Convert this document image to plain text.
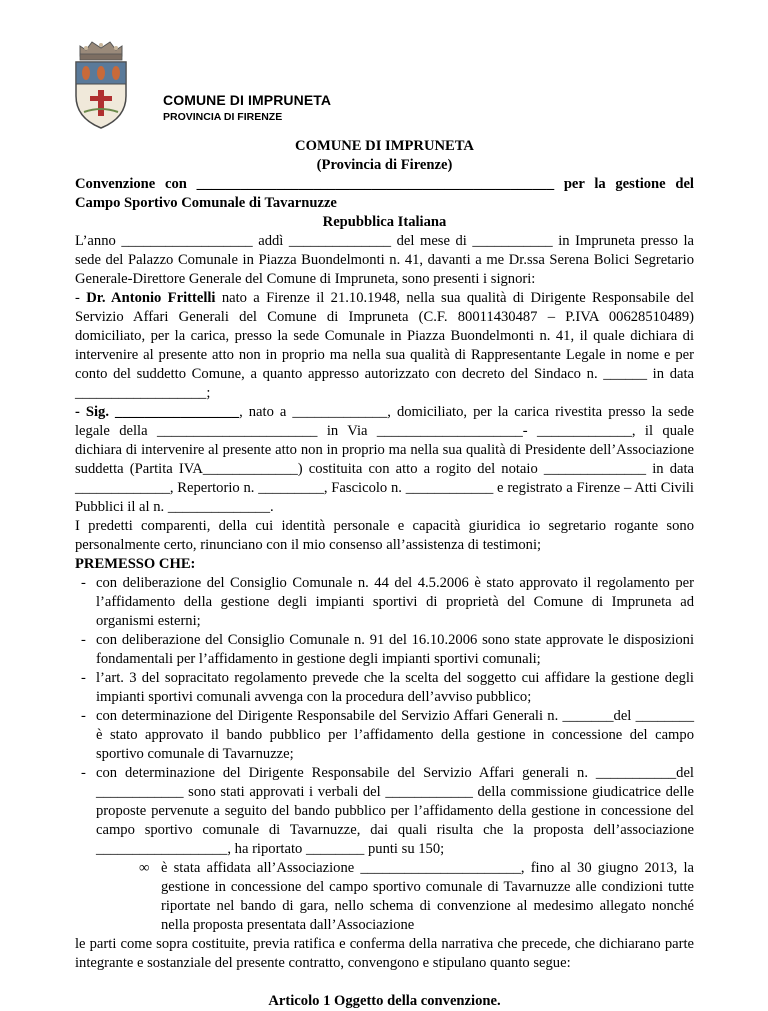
COMUNE DI IMPRUNETA
PROVINCIA DI FIRENZE

COMUNE DI IMPRUNETA

(Provincia di Firenze)

Convenzione con _________________________________________________ per la gestione del

Campo Sportivo Comunale di Tavarnuzze

Repubblica Italiana

L’anno __________________ addì ______________ del mese di ___________ in Impruneta presso la sede del Palazzo Comunale in Piazza Buondelmonti n. 41, davanti a me Dr.ssa Serena Bolici Segretario Generale-Direttore Generale del Comune di Impruneta, sono presenti i signori:

- Dr. Antonio Frittelli nato a Firenze il 21.10.1948, nella sua qualità di Dirigente Responsabile del Servizio Affari Generali del Comune di Impruneta (C.F. 80011430487 – P.IVA 00628510489) domiciliato, per la carica, presso la sede Comunale in Piazza Buondelmonti n. 41, il quale dichiara di intervenire al presente atto non in proprio ma nella sua qualità di Rappresentante Legale in nome e per conto del suddetto Comune, a quanto appresso autorizzato con decreto del Sindaco n. ______ in data __________________;

- Sig. _________________, nato a _____________, domiciliato, per la carica rivestita presso la sede legale della ______________________ in Via ____________________- _____________, il quale dichiara di intervenire al presente atto non in proprio ma nella sua qualità di Presidente dell’Associazione suddetta (Partita IVA_____________) costituita con atto a rogito del notaio ______________ in data _____________, Repertorio n. _________, Fascicolo n. ____________ e registrato a Firenze – Atti Civili Pubblici il al n. ______________.

I predetti comparenti, della cui identità personale e capacità giuridica io segretario rogante sono personalmente certo, rinunciano con il mio consenso all’assistenza di testimoni;

PREMESSO CHE:

- con deliberazione del Consiglio Comunale n. 44 del 4.5.2006 è stato approvato il regolamento per l’affidamento della gestione degli impianti sportivi di proprietà del Comune di Impruneta ad organismi esterni;
- con deliberazione del Consiglio Comunale n. 91 del 16.10.2006 sono state approvate le disposizioni fondamentali per l’affidamento in gestione degli impianti sportivi comunali;
- l’art. 3 del sopracitato regolamento prevede che la scelta del soggetto cui affidare la gestione degli impianti sportivi comunali avvenga con la procedura dell’avviso pubblico;
- con determinazione del Dirigente Responsabile del Servizio Affari Generali n. _______del ________ è stato approvato il bando pubblico per l’affidamento della gestione in concessione del campo sportivo comunale di Tavarnuzze;
- con determinazione del Dirigente Responsabile del Servizio Affari generali n. ___________del ____________ sono stati approvati i verbali del ____________ della commissione giudicatrice delle proposte pervenute a seguito del bando pubblico per l’affidamento della gestione in concessione del campo sportivo comunale di Tavarnuzze, dai quali risulta che la proposta dell’associazione __________________, ha riportato ________ punti su 150;
∞ è stata affidata all’Associazione ______________________, fino al 30 giugno 2013, la gestione in concessione del campo sportivo comunale di Tavarnuzze alle condizioni tutte riportate nel bando di gara, nello schema di convenzione al medesimo allegato nonché nella proposta presentata dall’Associazione

le parti come sopra costituite, previa ratifica e conferma della narrativa che precede, che dichiarano parte integrante e sostanziale del presente contratto, convengono e stipulano quanto segue:

Articolo 1 Oggetto della convenzione.
